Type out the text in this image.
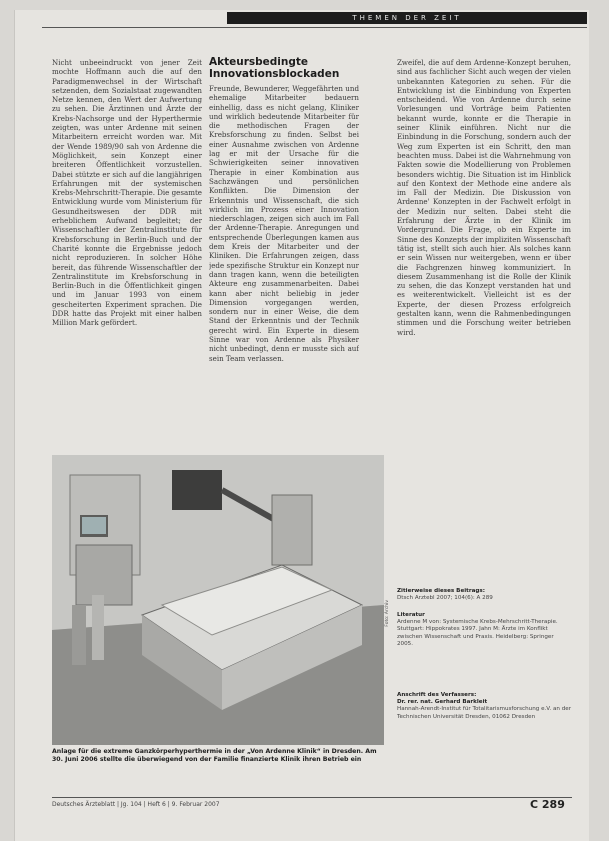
THEMEN DER ZEIT

Nicht unbeeindruckt von jener Zeit mochte Hoffmann auch die auf den Paradigmenwechsel in der Wirtschaft setzenden, dem Sozialstaat zugewandten Netze kennen, den Wert der Aufwertung zu sehen. Die Ärztinnen und Ärzte der Krebs-Nachsorge und der Hyperthermie zeigten, was unter Ardenne mit seinen Mitarbeitern erreicht worden war. Mit der Wende 1989/90 sah von Ardenne die Möglichkeit, sein Konzept einer breiteren Öffentlichkeit vorzustellen. Dabei stützte er sich auf die langjährigen Erfahrungen mit der systemischen Krebs-Mehrschritt-Therapie. Die gesamte Entwicklung wurde vom Ministerium für Gesundheitswesen der DDR mit erheblichem Aufwand begleitet; der Wissenschaftler der Zentralinstitute für Krebsforschung in Berlin-Buch und der Charité konnte die Ergebnisse jedoch nicht reproduzieren. In solcher Höhe bereit, das führende Wissenschaftler der Zentralinstitute im Krebsforschung in Berlin-Buch in die Öffentlichkeit gingen und im Januar 1993 von einem gescheiterten Experiment sprachen. Die DDR hatte das Projekt mit einer halben Million Mark gefördert.

Akteursbedingte Innovationsblockaden

Freunde, Bewunderer, Weggefährten und ehemalige Mitarbeiter bedauern einhellig, dass es nicht gelang, Kliniker und wirklich bedeutende Mitarbeiter für die methodischen Fragen der Krebsforschung zu finden. Selbst bei einer Ausnahme zwischen von Ardenne lag er mit der Ursache für die Schwierigkeiten seiner innovativen Therapie in einer Kombination aus Sachzwängen und persönlichen Konflikten. Die Dimension der Erkenntnis und Wissenschaft, die sich wirklich im Prozess einer Innovation niederschlagen, zeigen sich auch im Fall der Ardenne-Therapie. Anregungen und entsprechende Überlegungen kamen aus dem Kreis der Mitarbeiter und der Kliniken. Die Erfahrungen zeigen, dass jede spezifische Struktur ein Konzept nur dann tragen kann, wenn die beteiligten Akteure eng zusammenarbeiten. Dabei kann aber nicht beliebig in jeder Dimension vorgegangen werden, sondern nur in einer Weise, die dem Stand der Erkenntnis und der Technik gerecht wird. Ein Experte in diesem Sinne war von Ardenne als Physiker nicht unbedingt, denn er musste sich auf sein Team verlassen.

Zweifel, die auf dem Ardenne-Konzept beruhen, sind aus fachlicher Sicht auch wegen der vielen unbekannten Kategorien zu sehen. Für die Entwicklung ist die Einbindung von Experten entscheidend. Wie von Ardenne durch seine Vorlesungen und Vorträge beim Patienten bekannt wurde, konnte er die Therapie in seiner Klinik einführen. Nicht nur die Einbindung in die Forschung, sondern auch der Weg zum Experten ist ein Schritt, den man beachten muss. Dabei ist die Wahrnehmung von Fakten sowie die Modellierung von Problemen besonders wichtig. Die Situation ist im Hinblick auf den Kontext der Methode eine andere als im Fall der Medizin. Die Diskussion von Ardenne' Konzepten in der Fachwelt erfolgt in der Medizin nur selten. Dabei steht die Erfahrung der Ärzte in der Klinik im Vordergrund. Die Frage, ob ein Experte im Sinne des Konzepts der impliziten Wissenschaft tätig ist, stellt sich auch hier. Als solches kann er sein Wissen nur weitergeben, wenn er über die Fachgrenzen hinweg kommuniziert. In diesem Zusammenhang ist die Rolle der Klinik zu sehen, die das Konzept verstanden hat und es weiterentwickelt. Vielleicht ist es der Experte, der diesen Prozess erfolgreich gestalten kann, wenn die Rahmenbedingungen stimmen und die Forschung weiter betrieben wird.

Foto: Archiv
Anlage für die extreme Ganzkörperhyperthermie in der „Von Ardenne Klinik“ in Dresden. Am 30. Juni 2006 stellte die überwiegend von der Familie finanzierte Klinik ihren Betrieb ein
Zitierweise dieses Beitrags:
Dtsch Arztebl 2007; 104(6): A 289
Literatur
Ardenne M von: Systemische Krebs-Mehrschritt-Therapie. Stuttgart: Hippokrates 1997. Jahn M: Ärzte im Konflikt zwischen Wissenschaft und Praxis. Heidelberg: Springer 2005.
Anschrift des Verfassers:
Dr. rer. nat. Gerhard Barkleit
Hannah-Arendt-Institut für Totalitarismusforschung e.V. an der Technischen Universität Dresden, 01062 Dresden
Deutsches Ärzteblatt | Jg. 104 | Heft 6 | 9. Februar 2007	C 289
